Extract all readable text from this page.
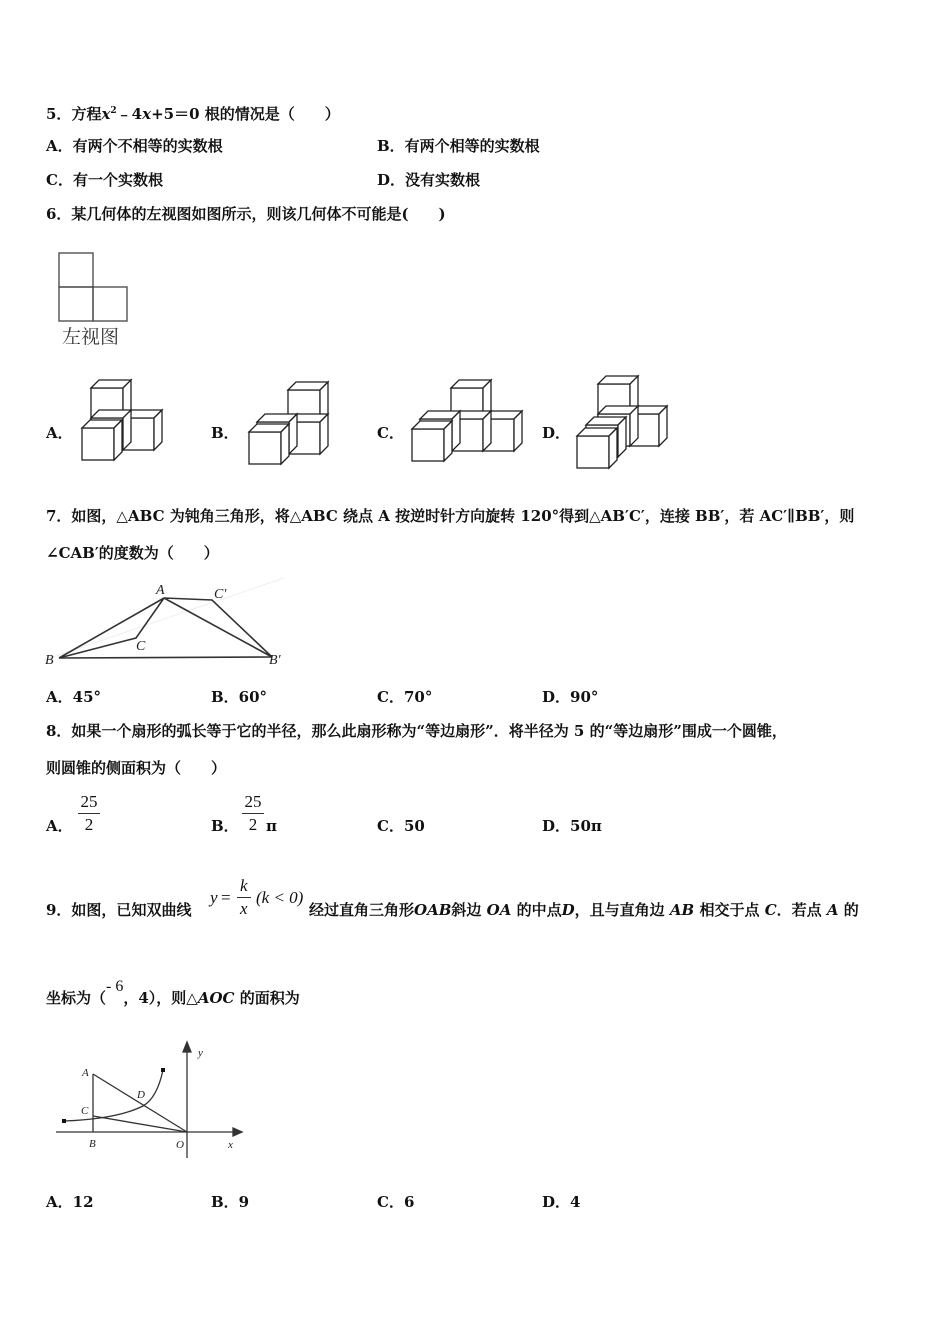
5．方程$x^2﹣4x+5=0$ 根的情况是（　　）
A．有两个不相等的实数根	B．有两个相等的实数根
C．有一个实数根	D．没有实数根
6．某几何体的左视图如图所示，则该几何体不可能是(　　)
左视图
A．	B．	C．	D．
7．如图，△ABC 为钝角三角形，将△ABC 绕点 A 按逆时针方向旋转 120°得到△AB′C′，连接 BB′，若 AC′∥BB′，则
∠CAB′的度数为（　　）
A
C
C′
B	B′
A．45°	B．60°	C．70°	D．90°
8．如果一个扇形的弧长等于它的半径，那么此扇形称为“等边扇形”．将半径为 5 的“等边扇形”围成一个圆锥，
则圆锥的侧面积为（　　）
A．
25
2	B．
25
2 π	C．50	D．50π
9．如图，已知双曲线
y =
k
x
(k < 0)
经过直角三角形OAB斜边 OA 的中点D，且与直角边 AB 相交于点 C．若点 A 的
坐标为（- 6，4），则△AOC 的面积为
A
C
D
B	O	x
y
A．12	B．9	C．6	D．4
